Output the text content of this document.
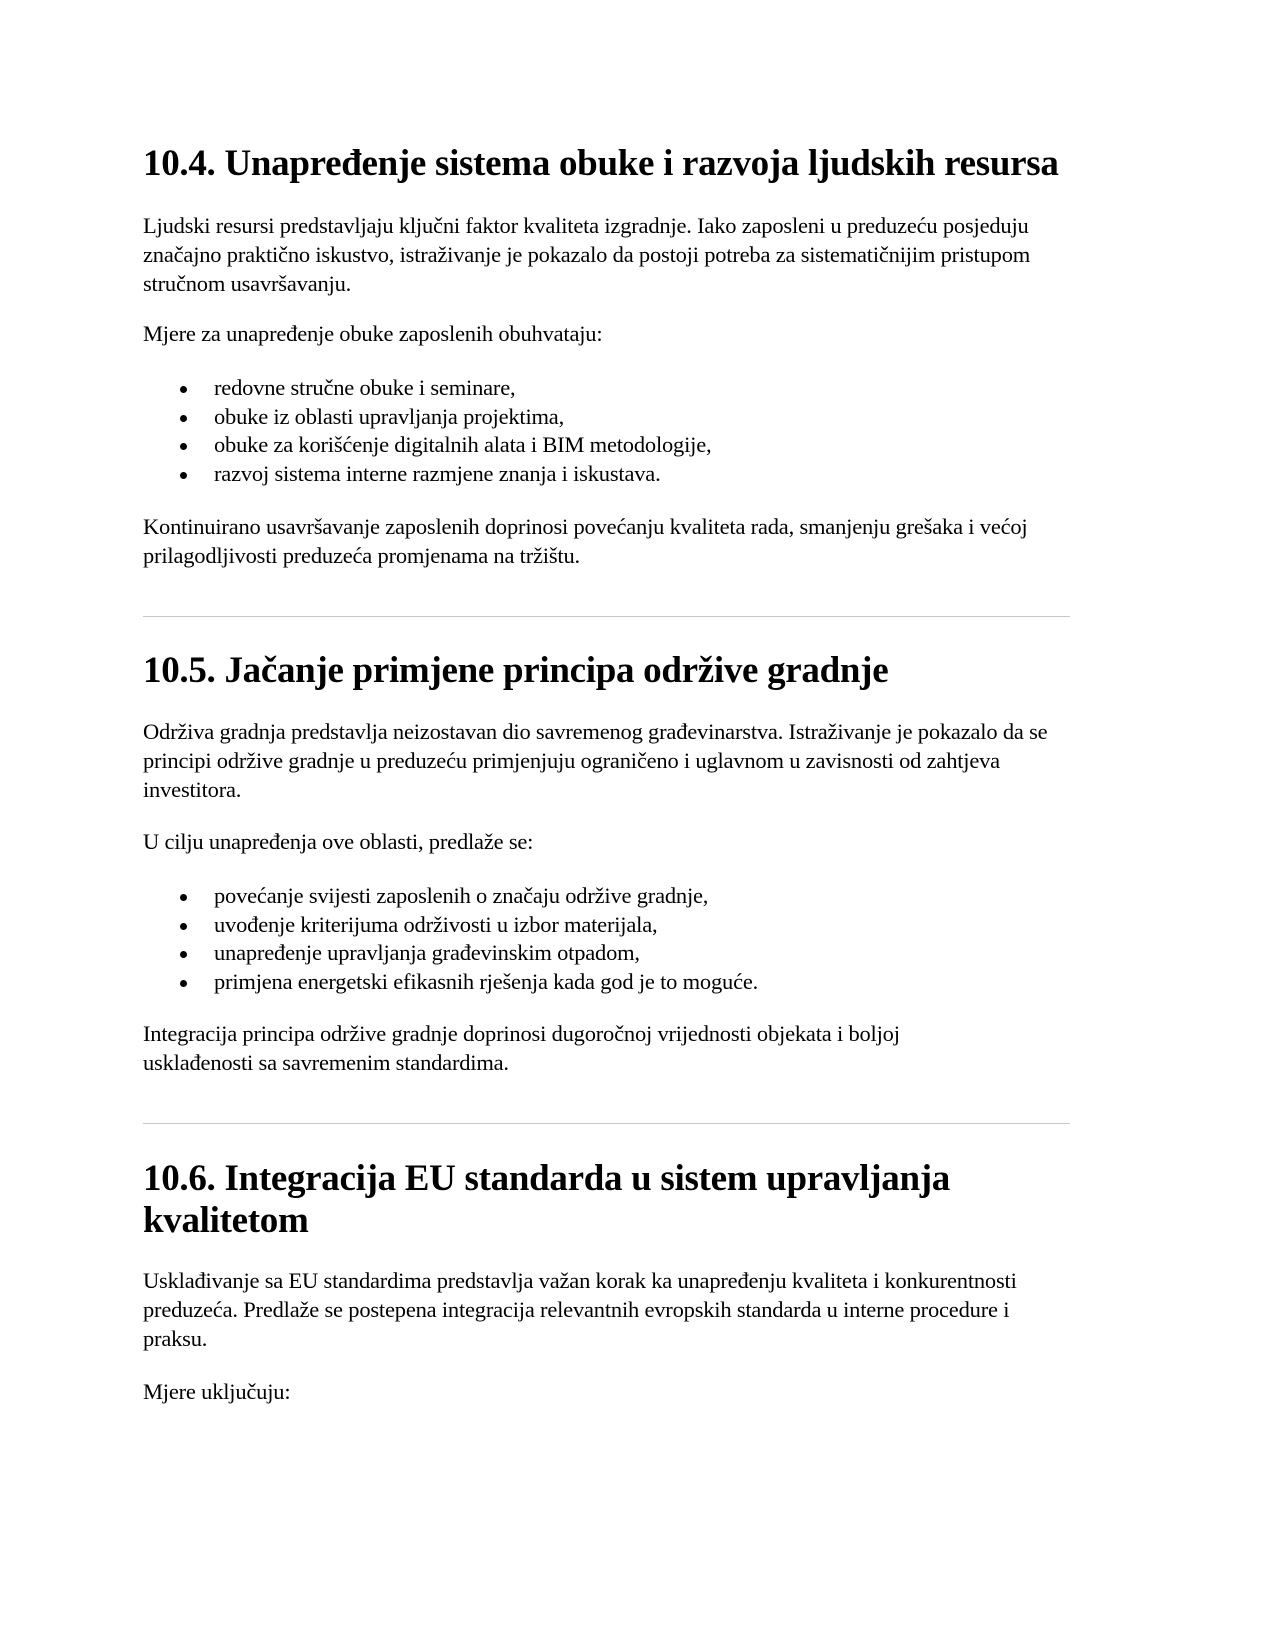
10.4. Unapređenje sistema obuke i razvoja ljudskih resursa

Ljudski resursi predstavljaju ključni faktor kvaliteta izgradnje. Iako zaposleni u preduzeću posjeduju značajno praktično iskustvo, istraživanje je pokazalo da postoji potreba za sistematičnijim pristupom stručnom usavršavanju.

Mjere za unapređenje obuke zaposlenih obuhvataju:

redovne stručne obuke i seminare,
obuke iz oblasti upravljanja projektima,
obuke za korišćenje digitalnih alata i BIM metodologije,
razvoj sistema interne razmjene znanja i iskustava.

Kontinuirano usavršavanje zaposlenih doprinosi povećanju kvaliteta rada, smanjenju grešaka i većoj prilagodljivosti preduzeća promjenama na tržištu.

10.5. Jačanje primjene principa održive gradnje

Održiva gradnja predstavlja neizostavan dio savremenog građevinarstva. Istraživanje je pokazalo da se principi održive gradnje u preduzeću primjenjuju ograničeno i uglavnom u zavisnosti od zahtjeva investitora.

U cilju unapređenja ove oblasti, predlaže se:

povećanje svijesti zaposlenih o značaju održive gradnje,
uvođenje kriterijuma održivosti u izbor materijala,
unapređenje upravljanja građevinskim otpadom,
primjena energetski efikasnih rješenja kada god je to moguće.

Integracija principa održive gradnje doprinosi dugoročnoj vrijednosti objekata i boljoj usklađenosti sa savremenim standardima.

10.6. Integracija EU standarda u sistem upravljanja kvalitetom

Usklađivanje sa EU standardima predstavlja važan korak ka unapređenju kvaliteta i konkurentnosti preduzeća. Predlaže se postepena integracija relevantnih evropskih standarda u interne procedure i praksu.

Mjere uključuju:
